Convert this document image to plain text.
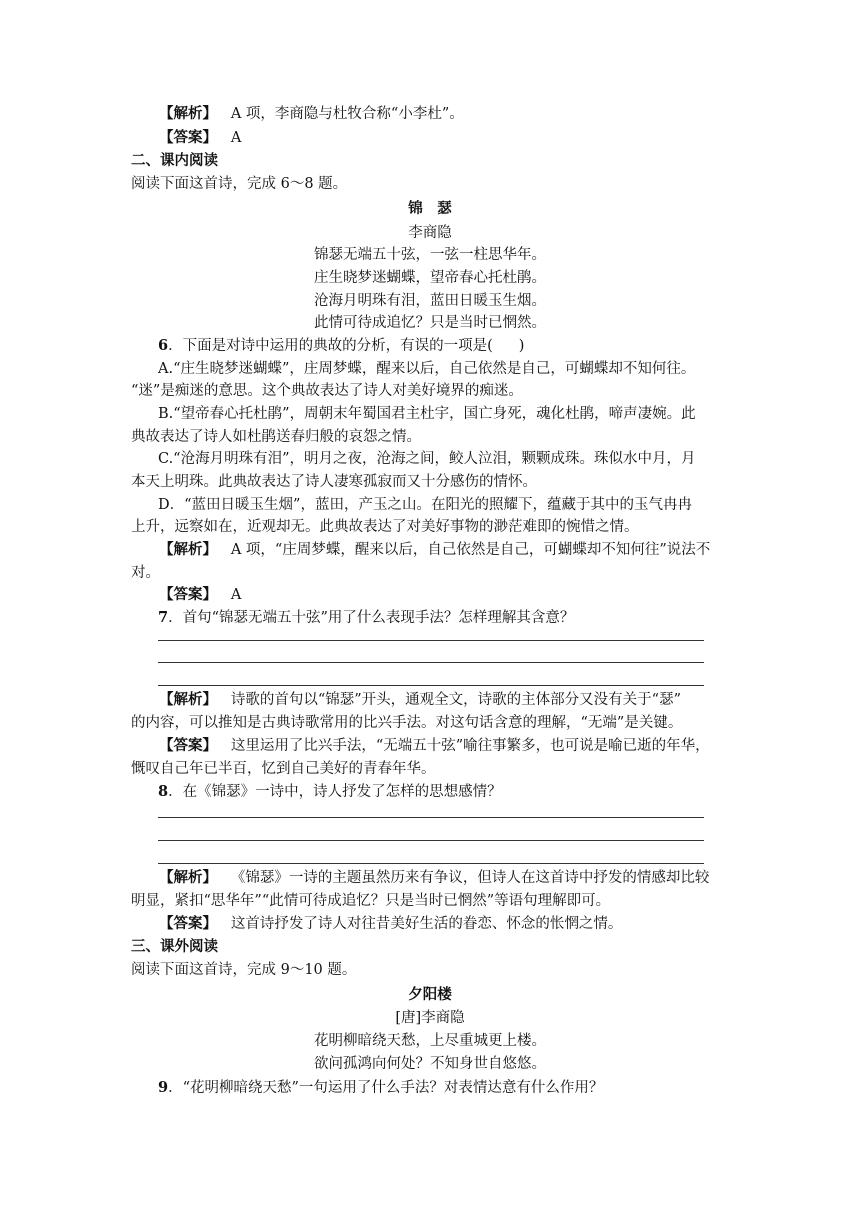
【解析】 A 项，李商隐与杜牧合称“小李杜”。
【答案】 A
二、课内阅读
阅读下面这首诗，完成 6～8 题。
锦　瑟
李商隐
锦瑟无端五十弦，一弦一柱思华年。
庄生晓梦迷蝴蝶，望帝春心托杜鹃。
沧海月明珠有泪，蓝田日暖玉生烟。
此情可待成追忆？只是当时已惘然。
6．下面是对诗中运用的典故的分析，有误的一项是( )
A.“庄生晓梦迷蝴蝶”，庄周梦蝶，醒来以后，自己依然是自己，可蝴蝶却不知何往。
“迷”是痴迷的意思。这个典故表达了诗人对美好境界的痴迷。
B.“望帝春心托杜鹃”，周朝末年蜀国君主杜宇，国亡身死，魂化杜鹃，啼声凄婉。此
典故表达了诗人如杜鹃送春归般的哀怨之情。
C.“沧海月明珠有泪”，明月之夜，沧海之间，鲛人泣泪，颗颗成珠。珠似水中月，月
本天上明珠。此典故表达了诗人凄寒孤寂而又十分感伤的情怀。
D．“蓝田日暖玉生烟”，蓝田，产玉之山。在阳光的照耀下，蕴藏于其中的玉气冉冉
上升，远察如在，近观却无。此典故表达了对美好事物的渺茫难即的惋惜之情。
【解析】 A 项，“庄周梦蝶，醒来以后，自己依然是自己，可蝴蝶却不知何往”说法不
对。
【答案】 A
7．首句“锦瑟无端五十弦”用了什么表现手法？怎样理解其含意？
【解析】 诗歌的首句以“锦瑟”开头，通观全文，诗歌的主体部分又没有关于“瑟”
的内容，可以推知是古典诗歌常用的比兴手法。对这句话含意的理解，“无端”是关键。
【答案】 这里运用了比兴手法，“无端五十弦”喻往事繁多，也可说是喻已逝的年华，
慨叹自己年已半百，忆到自己美好的青春年华。
8．在《锦瑟》一诗中，诗人抒发了怎样的思想感情？
【解析】 《锦瑟》一诗的主题虽然历来有争议，但诗人在这首诗中抒发的情感却比较
明显，紧扣“思华年”“此情可待成追忆？只是当时已惘然”等语句理解即可。
【答案】 这首诗抒发了诗人对往昔美好生活的眷恋、怀念的怅惘之情。
三、课外阅读
阅读下面这首诗，完成 9～10 题。
夕阳楼
[唐]李商隐
花明柳暗绕天愁，上尽重城更上楼。
欲问孤鸿向何处？不知身世自悠悠。
9．“花明柳暗绕天愁”一句运用了什么手法？对表情达意有什么作用？
